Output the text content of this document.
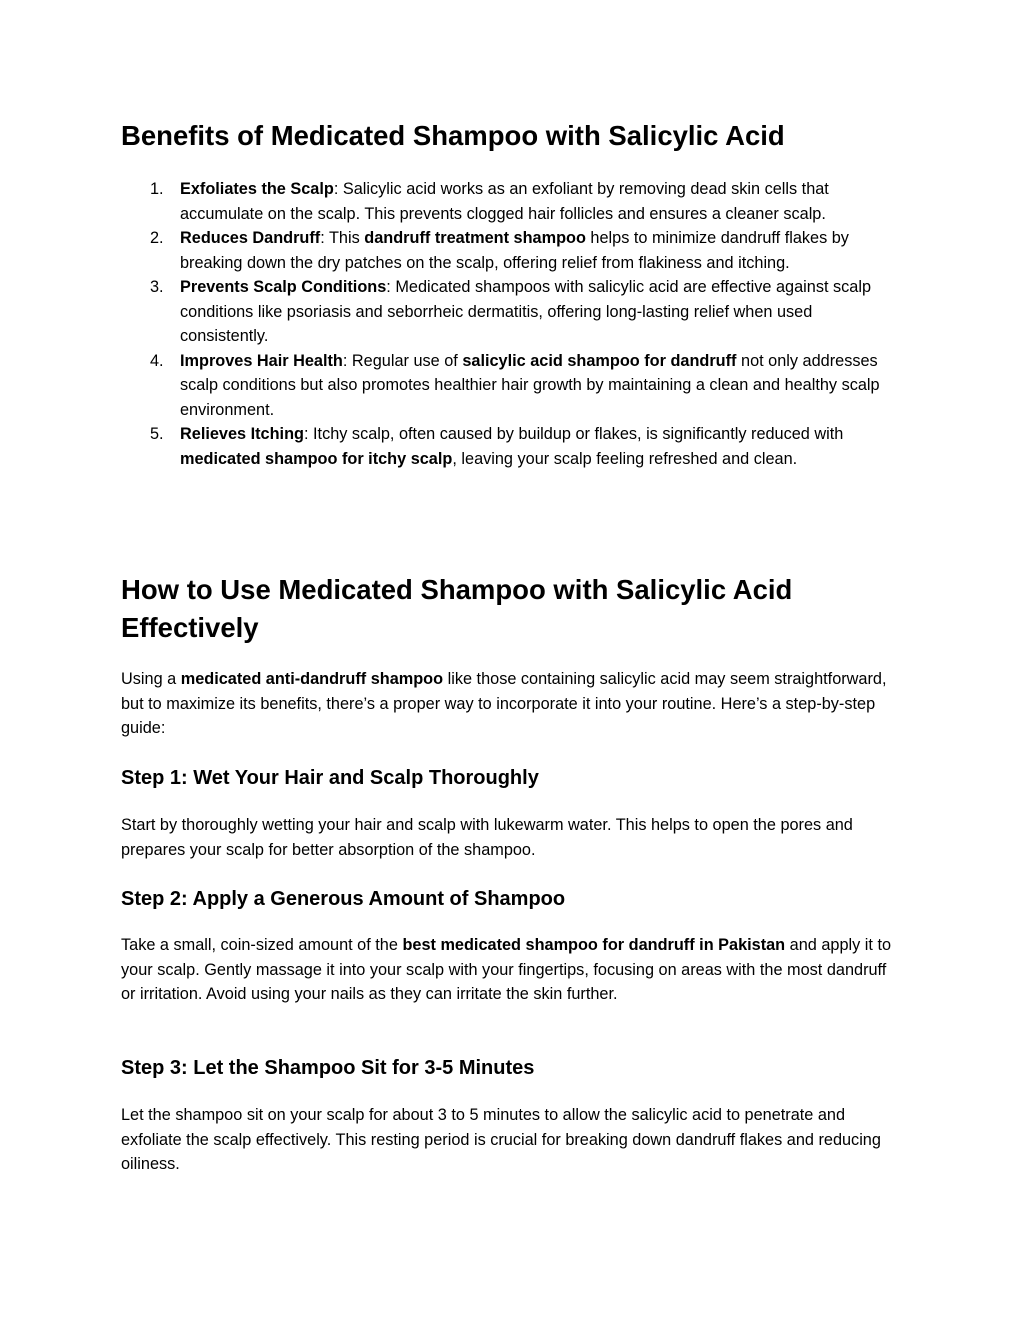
Benefits of Medicated Shampoo with Salicylic Acid
1. Exfoliates the Scalp: Salicylic acid works as an exfoliant by removing dead skin cells that accumulate on the scalp. This prevents clogged hair follicles and ensures a cleaner scalp.
2. Reduces Dandruff: This dandruff treatment shampoo helps to minimize dandruff flakes by breaking down the dry patches on the scalp, offering relief from flakiness and itching.
3. Prevents Scalp Conditions: Medicated shampoos with salicylic acid are effective against scalp conditions like psoriasis and seborrheic dermatitis, offering long-lasting relief when used consistently.
4. Improves Hair Health: Regular use of salicylic acid shampoo for dandruff not only addresses scalp conditions but also promotes healthier hair growth by maintaining a clean and healthy scalp environment.
5. Relieves Itching: Itchy scalp, often caused by buildup or flakes, is significantly reduced with medicated shampoo for itchy scalp, leaving your scalp feeling refreshed and clean.
How to Use Medicated Shampoo with Salicylic Acid Effectively

Using a medicated anti-dandruff shampoo like those containing salicylic acid may seem straightforward, but to maximize its benefits, there’s a proper way to incorporate it into your routine. Here’s a step-by-step guide:

Step 1: Wet Your Hair and Scalp Thoroughly

Start by thoroughly wetting your hair and scalp with lukewarm water. This helps to open the pores and prepares your scalp for better absorption of the shampoo.

Step 2: Apply a Generous Amount of Shampoo

Take a small, coin-sized amount of the best medicated shampoo for dandruff in Pakistan and apply it to your scalp. Gently massage it into your scalp with your fingertips, focusing on areas with the most dandruff or irritation. Avoid using your nails as they can irritate the skin further.

Step 3: Let the Shampoo Sit for 3-5 Minutes

Let the shampoo sit on your scalp for about 3 to 5 minutes to allow the salicylic acid to penetrate and exfoliate the scalp effectively. This resting period is crucial for breaking down dandruff flakes and reducing oiliness.
